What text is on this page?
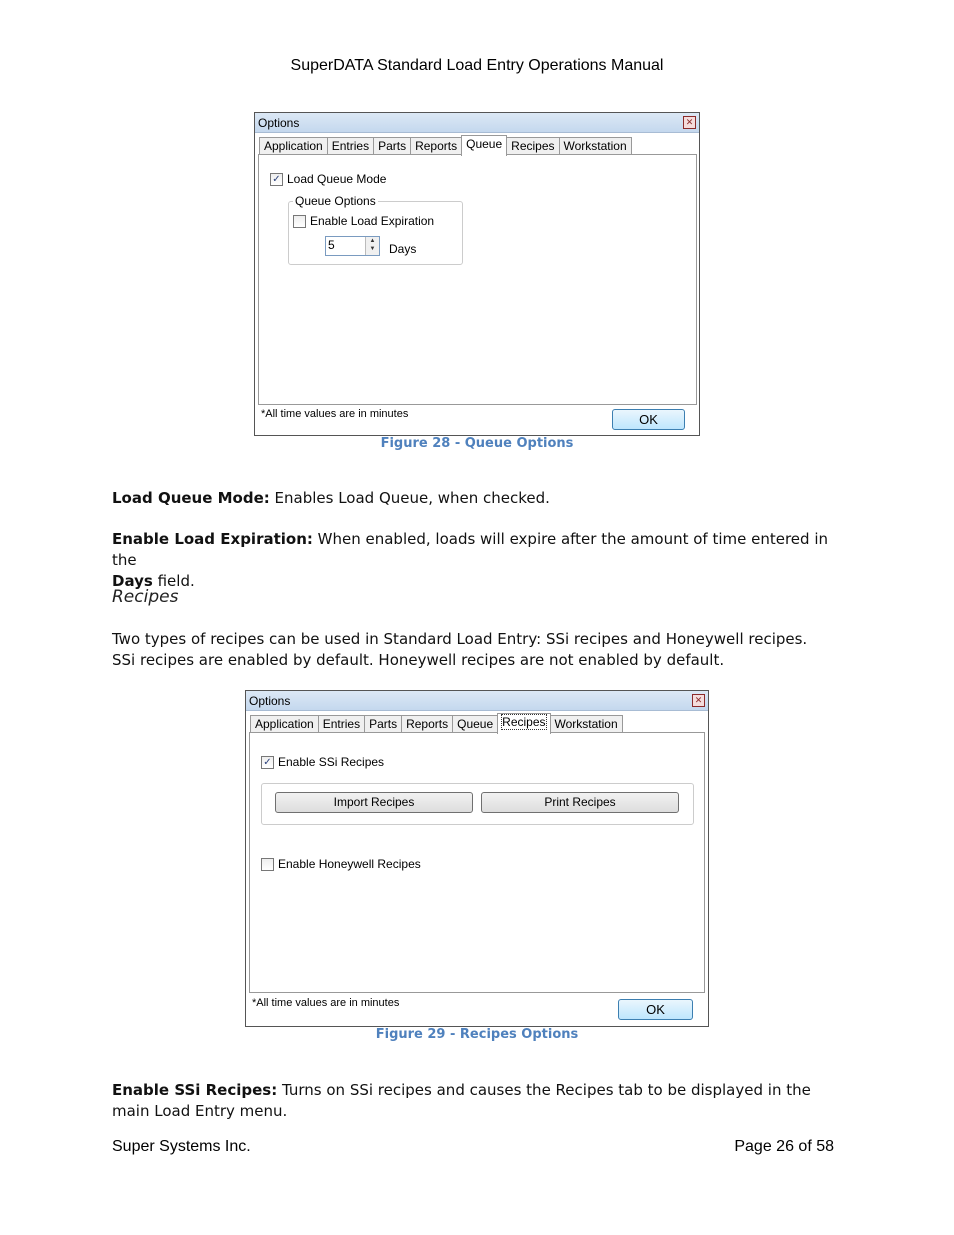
SuperDATA Standard Load Entry Operations Manual
Options	✕
Application Entries Parts Reports Queue Recipes Workstation
✓ Load Queue Mode
Queue Options
Enable Load Expiration
5	▲
▼ Days
*All time values are in minutes	OK
Figure 28 - Queue Options
Load Queue Mode: Enables Load Queue, when checked.
Enable Load Expiration: When enabled, loads will expire after the amount of time entered in the
Days field.
Recipes
Two types of recipes can be used in Standard Load Entry: SSi recipes and Honeywell recipes.
SSi recipes are enabled by default. Honeywell recipes are not enabled by default.
Options	✕
Application Entries Parts Reports Queue Recipes Workstation
✓ Enable SSi Recipes
Import Recipes	Print Recipes
Enable Honeywell Recipes
*All time values are in minutes	OK
Figure 29 - Recipes Options
Enable SSi Recipes: Turns on SSi recipes and causes the Recipes tab to be displayed in the
main Load Entry menu.
Super Systems Inc.	Page 26 of 58
